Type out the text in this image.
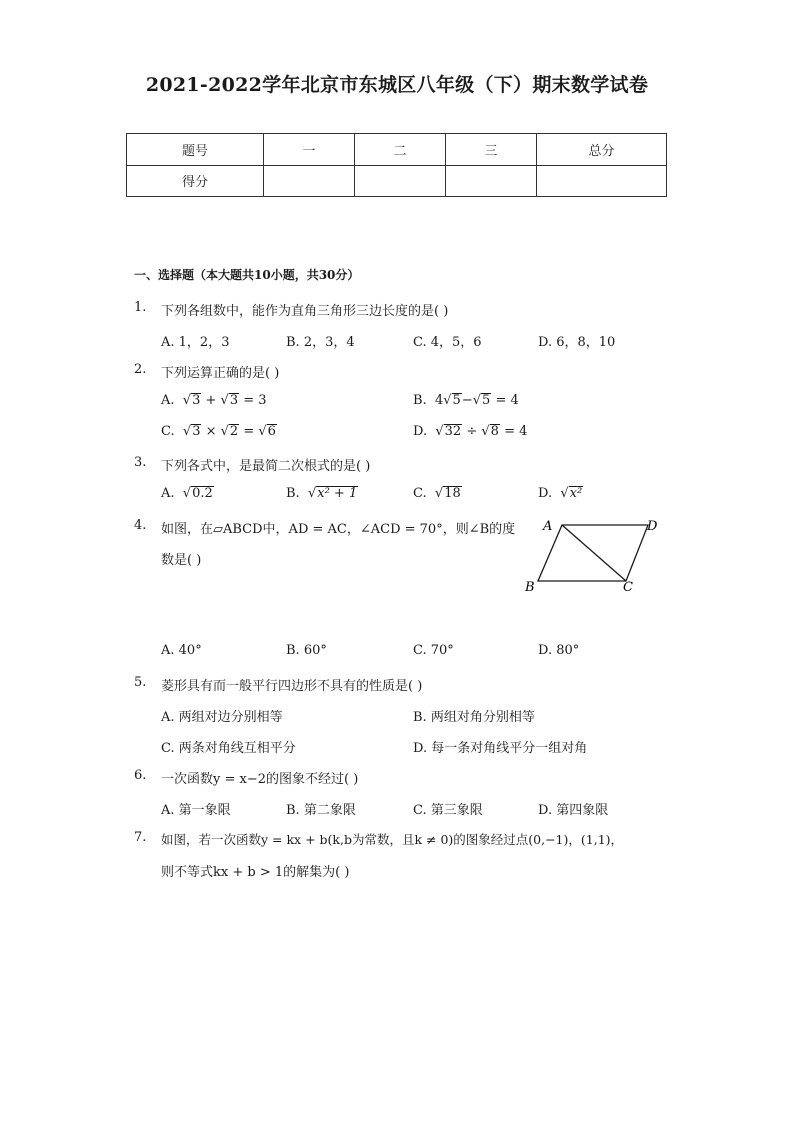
2021-2022学年北京市东城区八年级（下）期末数学试卷
题号	一	二	三	总分
得分				
一、选择题（本大题共10小题，共30分）
1.	下列各组数中，能作为直角三角形三边长度的是( )
A. 1，2，3	B. 2，3，4	C. 4，5，6	D. 6，8，10
2.	下列运算正确的是( )
A.  √3 + √3 = 3	B. 4√5−√5 = 4
C.  √3 × √2 = √6	D.  √32 ÷ √8 = 4
3.	下列各式中，是最简二次根式的是( )
A.  √0.2	B.  √x² + 1	C.  √18	D.  √x²
4.	如图，在▱ABCD中，AD = AC，∠ACD = 70°，则∠B的度
数是( )
A	D
B	C
A. 40°	B. 60°	C. 70°	D. 80°
5.	菱形具有而一般平行四边形不具有的性质是( )
A. 两组对边分别相等	B. 两组对角分别相等
C. 两条对角线互相平分	D. 每一条对角线平分一组对角
6.	一次函数y = x−2的图象不经过( )
A. 第一象限	B. 第二象限	C. 第三象限	D. 第四象限
7.	如图，若一次函数y = kx + b(k,b为常数，且k ≠ 0)的图象经过点(0,−1)，(1,1)，
则不等式kx + b > 1的解集为( )
